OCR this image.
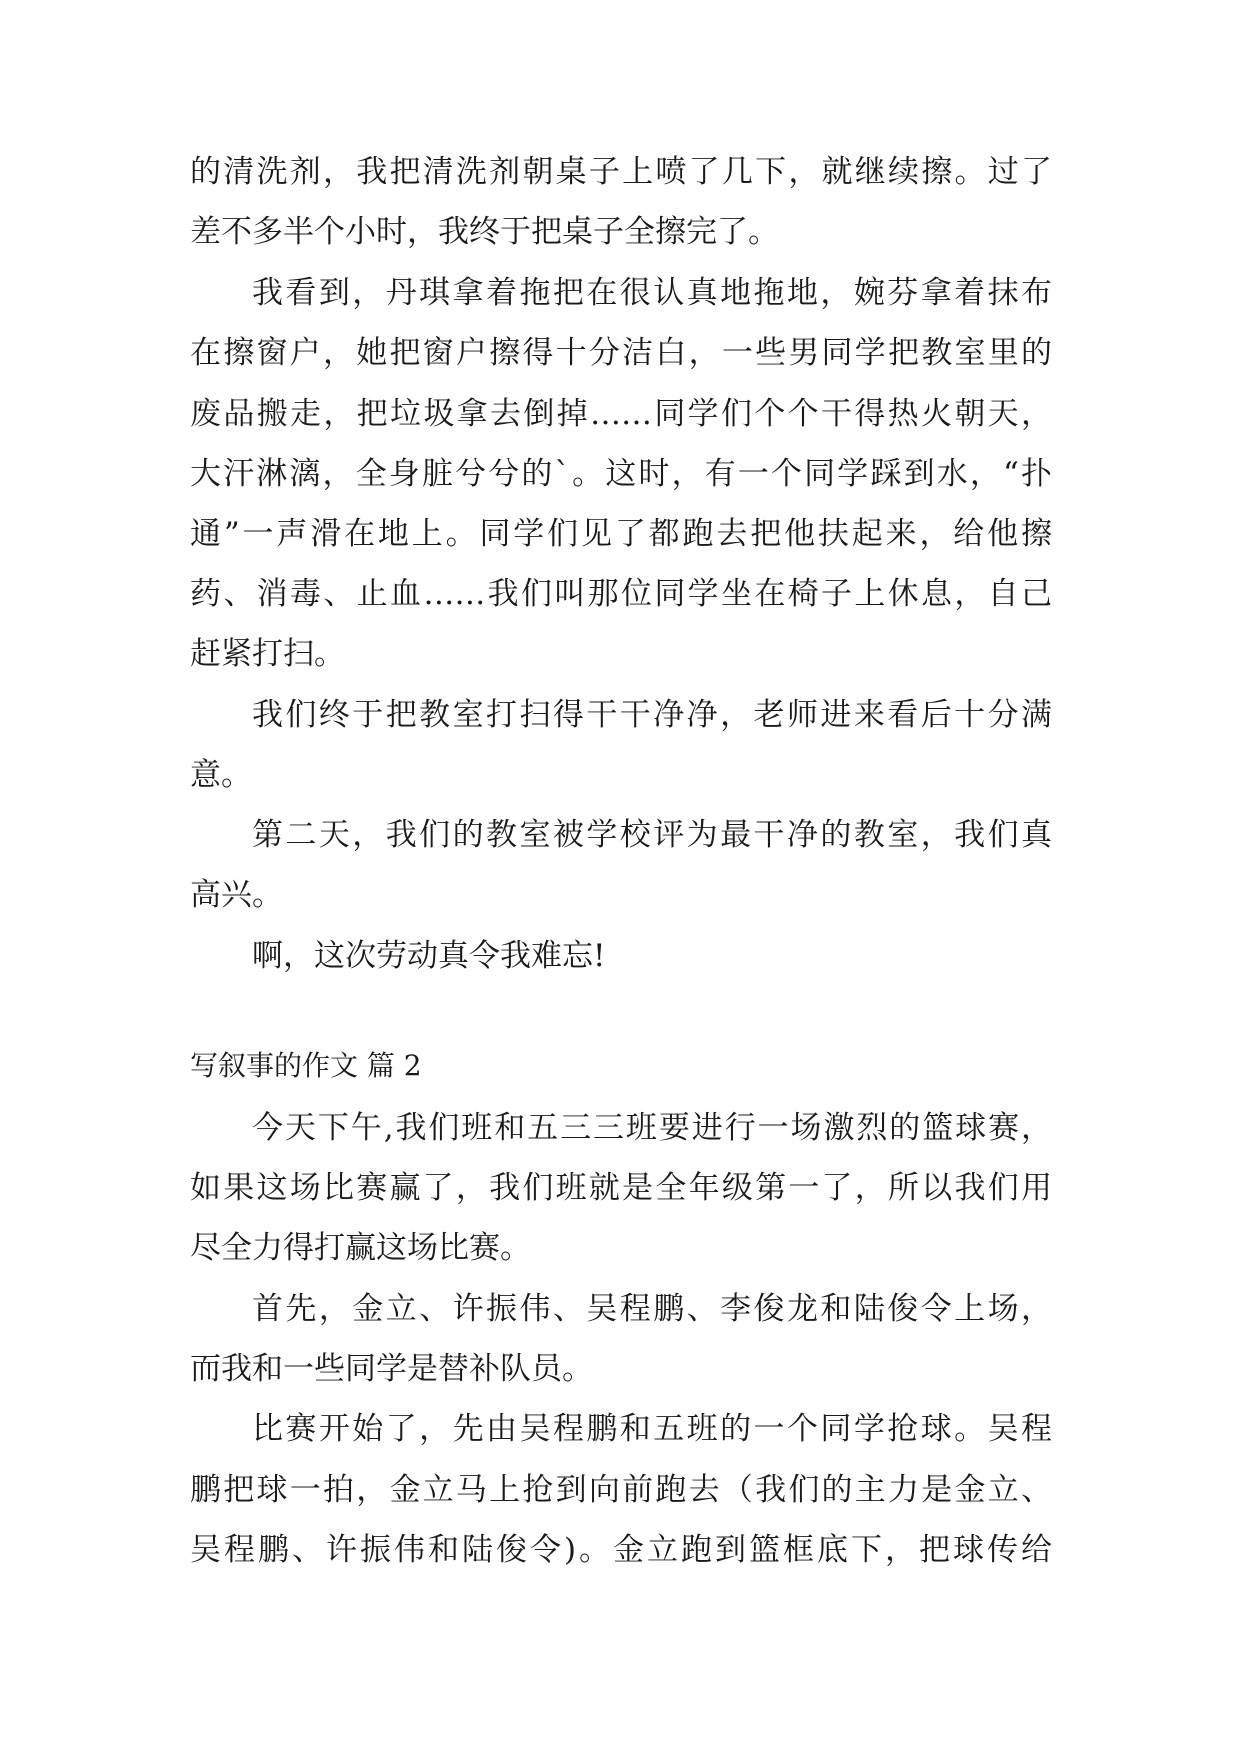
的清洗剂，我把清洗剂朝桌子上喷了几下，就继续擦。过了
差不多半个小时，我终于把桌子全擦完了。
我看到，丹琪拿着拖把在很认真地拖地，婉芬拿着抹布
在擦窗户，她把窗户擦得十分洁白，一些男同学把教室里的
废品搬走，把垃圾拿去倒掉……同学们个个干得热火朝天，
大汗淋漓，全身脏兮兮的`。这时，有一个同学踩到水，“扑
通”一声滑在地上。同学们见了都跑去把他扶起来，给他擦
药、消毒、止血……我们叫那位同学坐在椅子上休息，自己
赶紧打扫。
我们终于把教室打扫得干干净净，老师进来看后十分满
意。
第二天，我们的教室被学校评为最干净的教室，我们真
高兴。
啊，这次劳动真令我难忘!
写叙事的作文 篇 2
今天下午,我们班和五三三班要进行一场激烈的篮球赛，
如果这场比赛赢了，我们班就是全年级第一了，所以我们用
尽全力得打赢这场比赛。
首先，金立、许振伟、吴程鹏、李俊龙和陆俊令上场，
而我和一些同学是替补队员。
比赛开始了，先由吴程鹏和五班的一个同学抢球。吴程
鹏把球一拍，金立马上抢到向前跑去（我们的主力是金立、
吴程鹏、许振伟和陆俊令)。金立跑到篮框底下，把球传给
